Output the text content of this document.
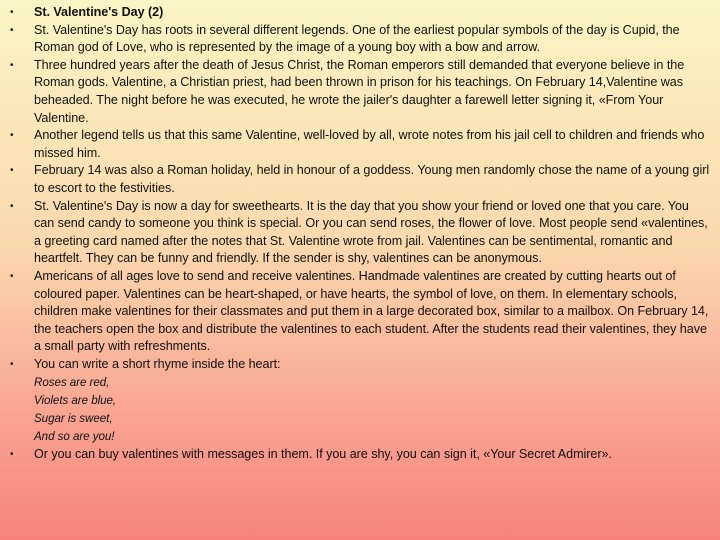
•	St. Valentine's Day (2)
•	St. Valentine's Day has roots in several different legends. One of the earliest popular symbols of the day is Cupid, the Roman god of Love, who is represented by the image of a young boy with a bow and arrow.
•	Three hundred years after the death of Jesus Christ, the Roman emperors still demanded that everyone believe in the Roman gods. Valentine, a Christian priest, had been thrown in prison for his teachings. On February 14,Valentine was beheaded. The night before he was executed, he wrote the jailer's daughter a farewell letter signing it, «From Your Valentine.
•	Another legend tells us that this same Valentine, well-loved by all, wrote notes from his jail cell to children and friends who missed him.
•	February 14 was also a Roman holiday, held in honour of a goddess. Young men randomly chose the name of a young girl to escort to the festivities.
•	St. Valentine's Day is now a day for sweethearts. It is the day that you show your friend or loved one that you care. You can send candy to someone you think is special. Or you can send roses, the flower of love. Most people send «valentines, a greeting card named after the notes that St. Valentine wrote from jail. Valentines can be sentimental, romantic and heartfelt. They can be funny and friendly. If the sender is shy, valentines can be anonymous.
•	Americans of all ages love to send and receive valentines. Handmade valentines are created by cutting hearts out of coloured paper. Valentines can be heart-shaped, or have hearts, the symbol of love, on them. In elementary schools, children make valentines for their classmates and put them in a large decorated box, similar to a mailbox. On February 14, the teachers open the box and distribute the valentines to each student. After the students read their valentines, they have a small party with refreshments.
•	You can write a short rhyme inside the heart:
Roses are red,
Violets are blue,
Sugar is sweet,
And so are you!
•	Or you can buy valentines with messages in them. If you are shy, you can sign it, «Your Secret Admirer».
